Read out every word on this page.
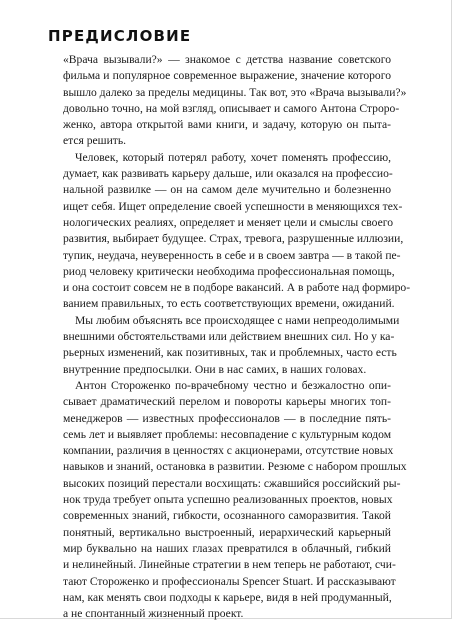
ПРЕДИСЛОВИЕ
«Врача вызывали?» — знакомое с детства название советского
фильма и популярное современное выражение, значение которого
вышло далеко за пределы медицины. Так вот, это «Врача вызывали?»
довольно точно, на мой взгляд, описывает и самого Антона Строро-
женко, автора открытой вами книги, и задачу, которую он пыта-
ется решить.
Человек, который потерял работу, хочет поменять профессию,
думает, как развивать карьеру дальше, или оказался на профессио-
нальной развилке — он на самом деле мучительно и болезненно
ищет себя. Ищет определение своей успешности в меняющихся тех-
нологических реалиях, определяет и меняет цели и смыслы своего
развития, выбирает будущее. Страх, тревога, разрушенные иллюзии,
тупик, неудача, неуверенность в себе и в своем завтра — в такой пе-
риод человеку критически необходима профессиональная помощь,
и она состоит совсем не в подборе вакансий. А в работе над формиро-
ванием правильных, то есть соответствующих времени, ожиданий.
Мы любим объяснять все происходящее с нами непреодолимыми
внешними обстоятельствами или действием внешних сил. Но у ка-
рьерных изменений, как позитивных, так и проблемных, часто есть
внутренние предпосылки. Они в нас самих, в наших головах.
Антон Стороженко по-врачебному честно и безжалостно опи-
сывает драматический перелом и повороты карьеры многих топ-
менеджеров — известных профессионалов — в последние пять-
семь лет и выявляет проблемы: несовпадение с культурным кодом
компании, различия в ценностях с акционерами, отсутствие новых
навыков и знаний, остановка в развитии. Резюме с набором прошлых
высоких позиций перестали восхищать: сжавшийся российский ры-
нок труда требует опыта успешно реализованных проектов, новых
современных знаний, гибкости, осознанного саморазвития. Такой
понятный, вертикально выстроенный, иерархический карьерный
мир буквально на наших глазах превратился в облачный, гибкий
и нелинейный. Линейные стратегии в нем теперь не работают, счи-
тают Стороженко и профессионалы Spencer Stuart. И рассказывают
нам, как менять свои подходы к карьере, видя в ней продуманный,
а не спонтанный жизненный проект.
